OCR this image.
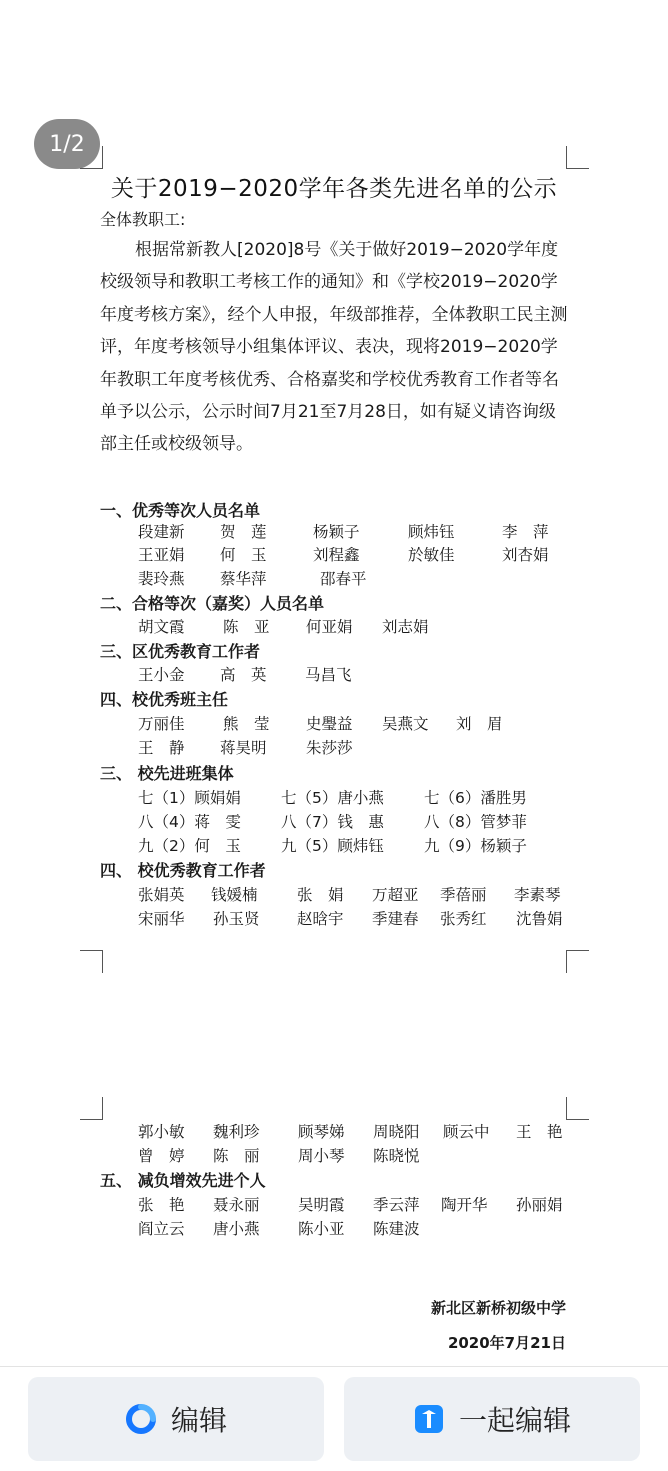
1/2
关于2019−2020学年各类先进名单的公示
全体教职工:

根据常新教人[2020]8号《关于做好2019−2020学年度校级领导和教职工考核工作的通知》和《学校2019−2020学年度考核方案》，经个人申报，年级部推荐，全体教职工民主测评，年度考核领导小组集体评议、表决，现将2019−2020学年教职工年度考核优秀、合格嘉奖和学校优秀教育工作者等名单予以公示，公示时间7月21至7月28日，如有疑义请咨询级部主任或校级领导。

一、优秀等次人员名单
段建新 贺　莲	杨颖子	顾炜钰	李　萍
王亚娟 何　玉	刘程鑫	於敏佳	刘杏娟
裴玲燕 蔡华萍	邵春平
二、合格等次（嘉奖）人员名单
胡文霞 陈　亚 何亚娟 刘志娟
三、区优秀教育工作者
王小金 高　英 马昌飞
四、校优秀班主任
万丽佳 熊　莹 史璺益 吴燕文 刘　眉
王　静 蒋昊明	朱莎莎
三、 校先进班集体
七（1）顾娟娟	七（5）唐小燕	七（6）潘胜男
八（4）蒋　雯	八（7）钱　惠	八（8）管梦菲
九（2）何　玉	九（5）顾炜钰	九（9）杨颖子
四、 校优秀教育工作者
张娟英 钱媛楠	张　娟 万超亚 季蓓丽 李素琴
宋丽华 孙玉贤 赵晗宇 季建春 张秀红 沈鲁娟
郭小敏 魏利珍 顾琴娣 周晓阳 顾云中 王　艳
曾　婷 陈　丽 周小琴 陈晓悦
五、 减负增效先进个人
张　艳 聂永丽 吴明霞 季云萍 陶开华 孙丽娟
阎立云 唐小燕 陈小亚 陈建波
新北区新桥初级中学
2020年7月21日
编辑	一起编辑
